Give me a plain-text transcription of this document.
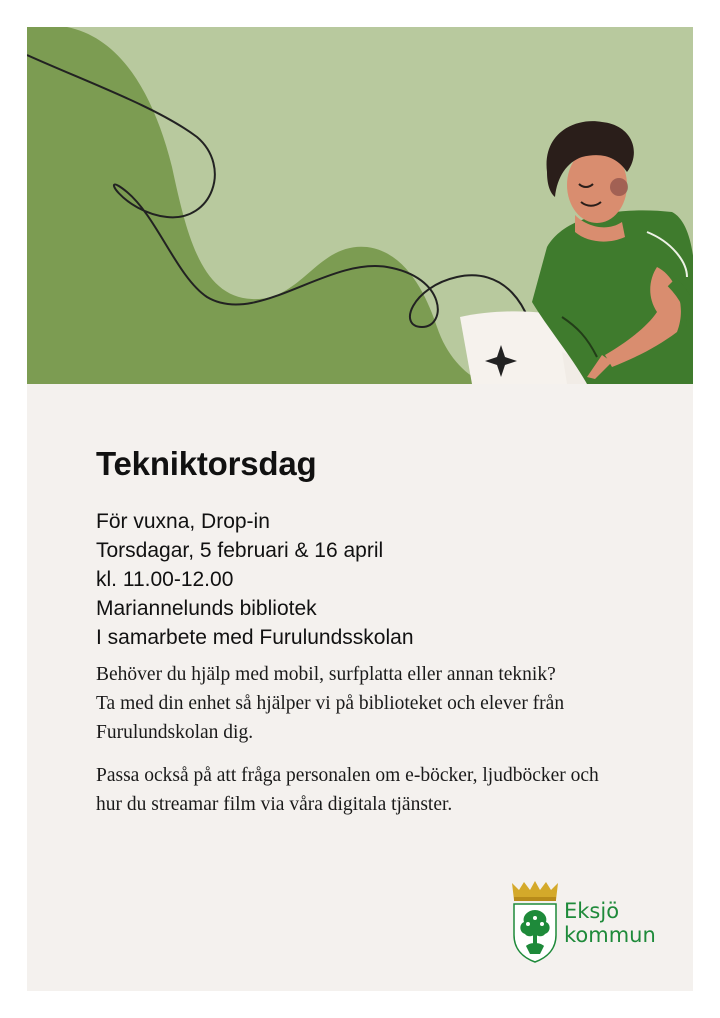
Tekniktorsdag
För vuxna, Drop-in
Torsdagar, 5 februari & 16 april
kl. 11.00-12.00
Mariannelunds bibliotek
I samarbete med Furulundsskolan

Behöver du hjälp med mobil, surfplatta eller annan teknik?
Ta med din enhet så hjälper vi på biblioteket och elever från Furulundskolan dig.

Passa också på att fråga personalen om e-böcker, ljudböcker och hur du streamar film via våra digitala tjänster.

Eksjö
kommun
